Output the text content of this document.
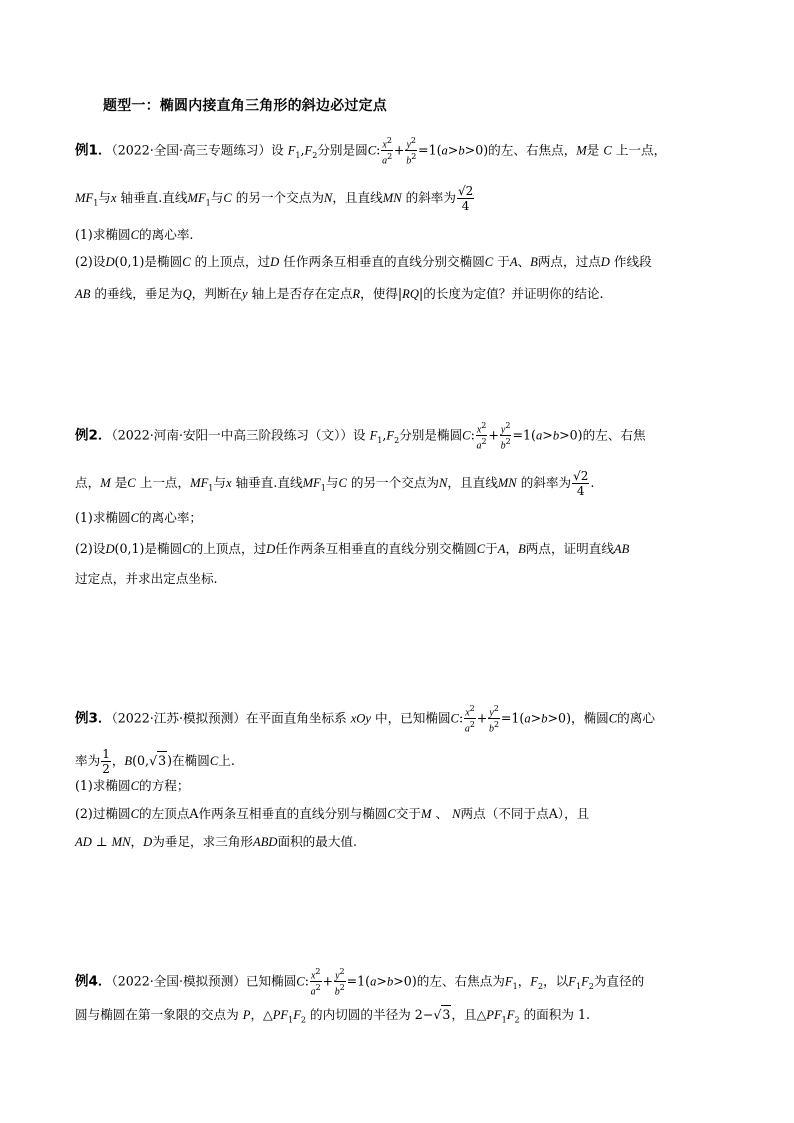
题型一：椭圆内接直角三角形的斜边必过定点
例1．（2022·全国·高三专题练习）设 $F_1,F_2$分别是圆C: $\frac{x^2}{a^2} + \frac{y^2}{b^2} =1(a>b>0)$的左、右焦点，M是 C 上一点，
$MF_1$与x 轴垂直.直线$MF_1$与C 的另一个交点为N，且直线MN 的斜率为 $\frac{√2}{4}$
(1)求椭圆C的离心率.
(2)设D(0,1)是椭圆C 的上顶点，过D 任作两条互相垂直的直线分别交椭圆C 于A、B两点，过点D 作线段
AB 的垂线，垂足为Q，判断在y 轴上是否存在定点R，使得|RQ|的长度为定值？并证明你的结论.
例2．（2022·河南·安阳一中高三阶段练习（文））设 $F_1,F_2$分别是椭圆C: $\frac{x^2}{a^2} + \frac{y^2}{b^2} =1(a>b>0)$的左、右焦
点，M 是C 上一点，$MF_1$与x 轴垂直.直线$MF_1$与C 的另一个交点为N，且直线MN 的斜率为 $\frac{√2}{4}$ .
(1)求椭圆C的离心率；
(2)设D(0,1)是椭圆C的上顶点，过D任作两条互相垂直的直线分别交椭圆C于A，B两点，证明直线AB
过定点，并求出定点坐标.
例3．（2022·江苏·模拟预测）在平面直角坐标系 xOy 中，已知椭圆C: $\frac{x^2}{a^2} + \frac{y^2}{b^2} =1(a>b>0)$，椭圆C的离心
率为 $\frac{1}{2}$ ，B(0,√3)在椭圆C上.
(1)求椭圆C的方程；
(2)过椭圆C的左顶点A作两条互相垂直的直线分别与椭圆C交于M 、 N两点（不同于点A），且
AD ⊥ MN，D为垂足，求三角形ABD面积的最大值.
例4．（2022·全国·模拟预测）已知椭圆C: $\frac{x^2}{a^2} + \frac{y^2}{b^2} =1(a>b>0)$的左、右焦点为$F_1$，$F_2$，以$F_1F_2$为直径的
圆与椭圆在第一象限的交点为 P，$\triangle PF_1F_2$ 的内切圆的半径为 2−√3，且$\triangle PF_1F_2$ 的面积为 1.
